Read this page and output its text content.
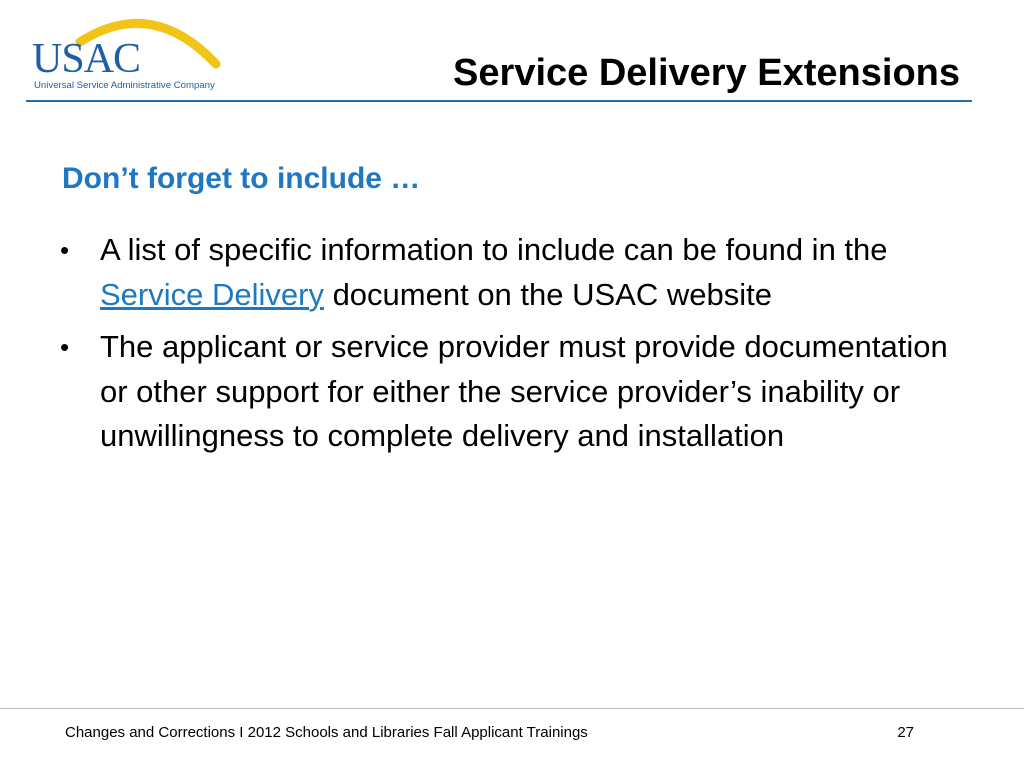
USAC
Universal Service Administrative Company	Service Delivery Extensions
Don’t forget to include …
• A list of specific information to include can be found in the Service Delivery document on the USAC website
• The applicant or service provider must provide documentation or other support for either the service provider’s inability or unwillingness to complete delivery and installation
Changes and Corrections I 2012 Schools and Libraries Fall Applicant Trainings	27
